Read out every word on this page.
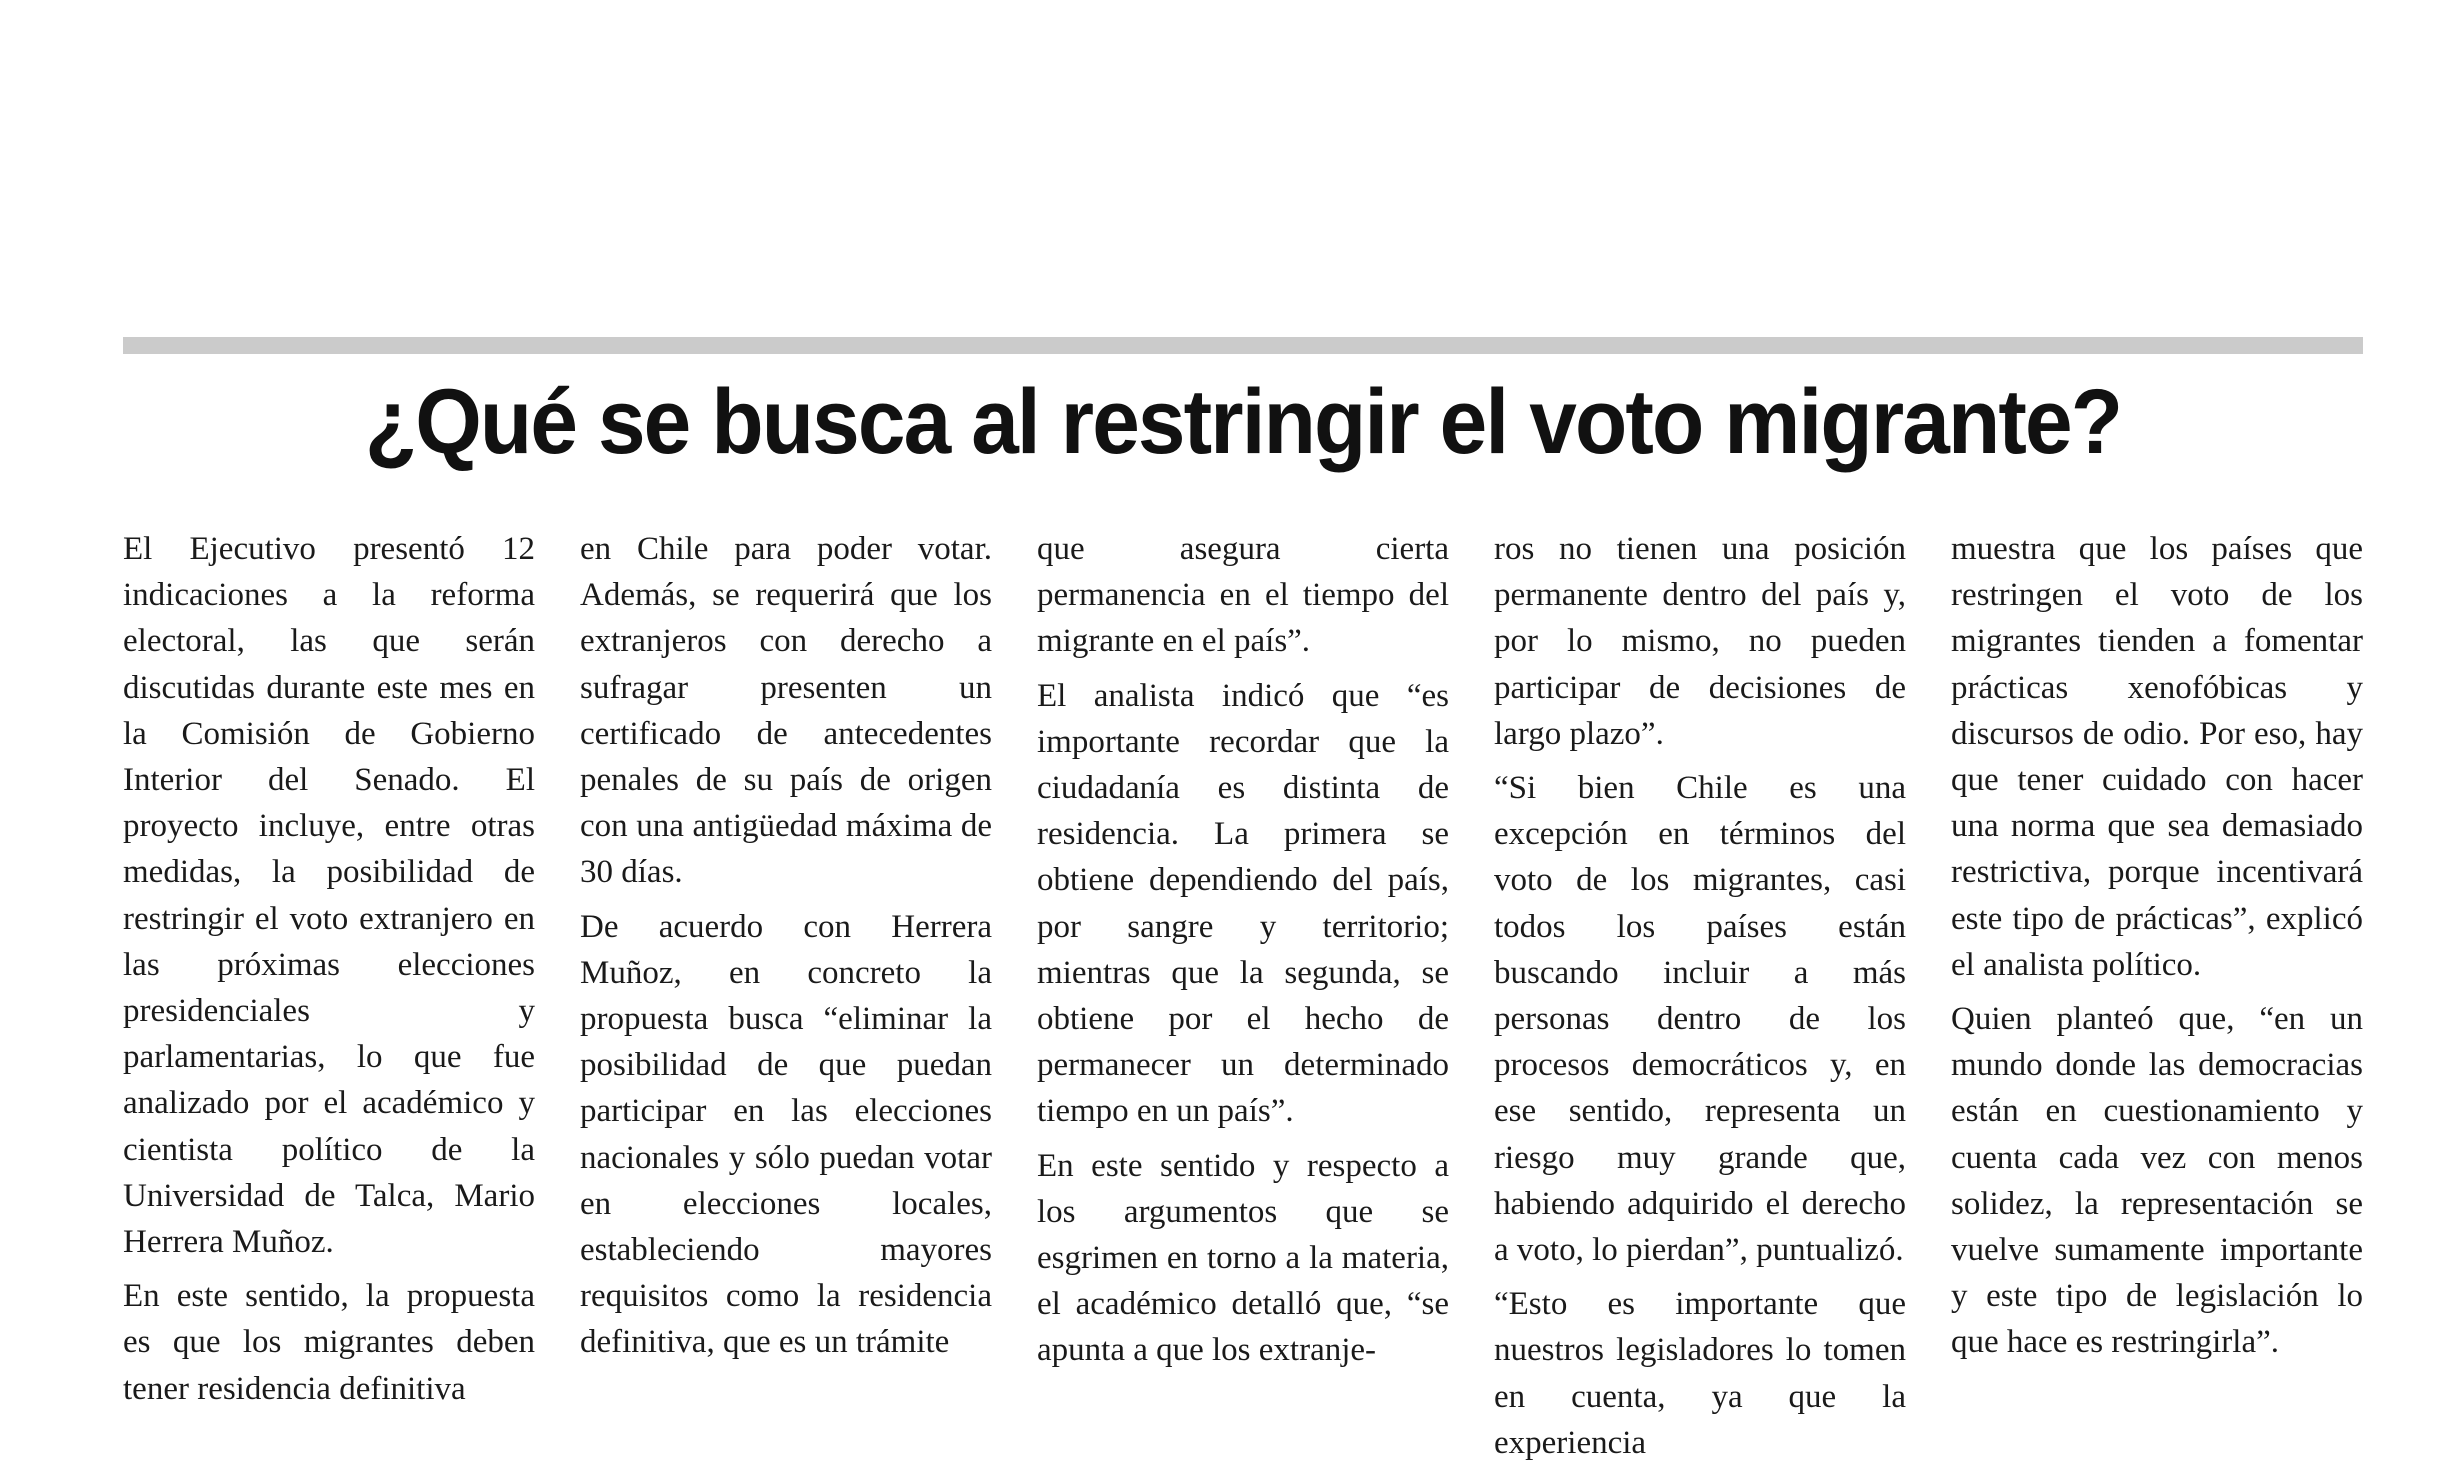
¿Qué se busca al restringir el voto migrante?

El Ejecutivo presentó 12 indicaciones a la reforma electoral, las que serán discutidas durante este mes en la Comisión de Gobierno Interior del Senado. El proyecto incluye, entre otras medidas, la posibilidad de restringir el voto extranjero en las próximas elecciones presidenciales y parlamentarias, lo que fue analizado por el académico y cientista político de la Universidad de Talca, Mario Herrera Muñoz.

En este sentido, la propuesta es que los migrantes deben tener residencia definitiva

en Chile para poder votar. Además, se requerirá que los extranjeros con derecho a sufragar presenten un certificado de antecedentes penales de su país de origen con una antigüedad máxima de 30 días.

De acuerdo con Herrera Muñoz, en concreto la propuesta busca “eliminar la posibilidad de que puedan participar en las elecciones nacionales y sólo puedan votar en elecciones locales, estableciendo mayores requisitos como la residencia definitiva, que es un trámite

que asegura cierta permanencia en el tiempo del migrante en el país”.

El analista indicó que “es importante recordar que la ciudadanía es distinta de residencia. La primera se obtiene dependiendo del país, por sangre y territorio; mientras que la segunda, se obtiene por el hecho de permanecer un determinado tiempo en un país”.

En este sentido y respecto a los argumentos que se esgrimen en torno a la materia, el académico detalló que, “se apunta a que los extranje-

ros no tienen una posición permanente dentro del país y, por lo mismo, no pueden participar de decisiones de largo plazo”.

“Si bien Chile es una excepción en términos del voto de los migrantes, casi todos los países están buscando incluir a más personas dentro de los procesos democráticos y, en ese sentido, representa un riesgo muy grande que, habiendo adquirido el derecho a voto, lo pierdan”, puntualizó.

“Esto es importante que nuestros legisladores lo tomen en cuenta, ya que la experiencia

muestra que los países que restringen el voto de los migrantes tienden a fomentar prácticas xenofóbicas y discursos de odio. Por eso, hay que tener cuidado con hacer una norma que sea demasiado restrictiva, porque incentivará este tipo de prácticas”, explicó el analista político.

Quien planteó que, “en un mundo donde las democracias están en cuestionamiento y cuenta cada vez con menos solidez, la representación se vuelve sumamente importante y este tipo de legislación lo que hace es restringirla”.
